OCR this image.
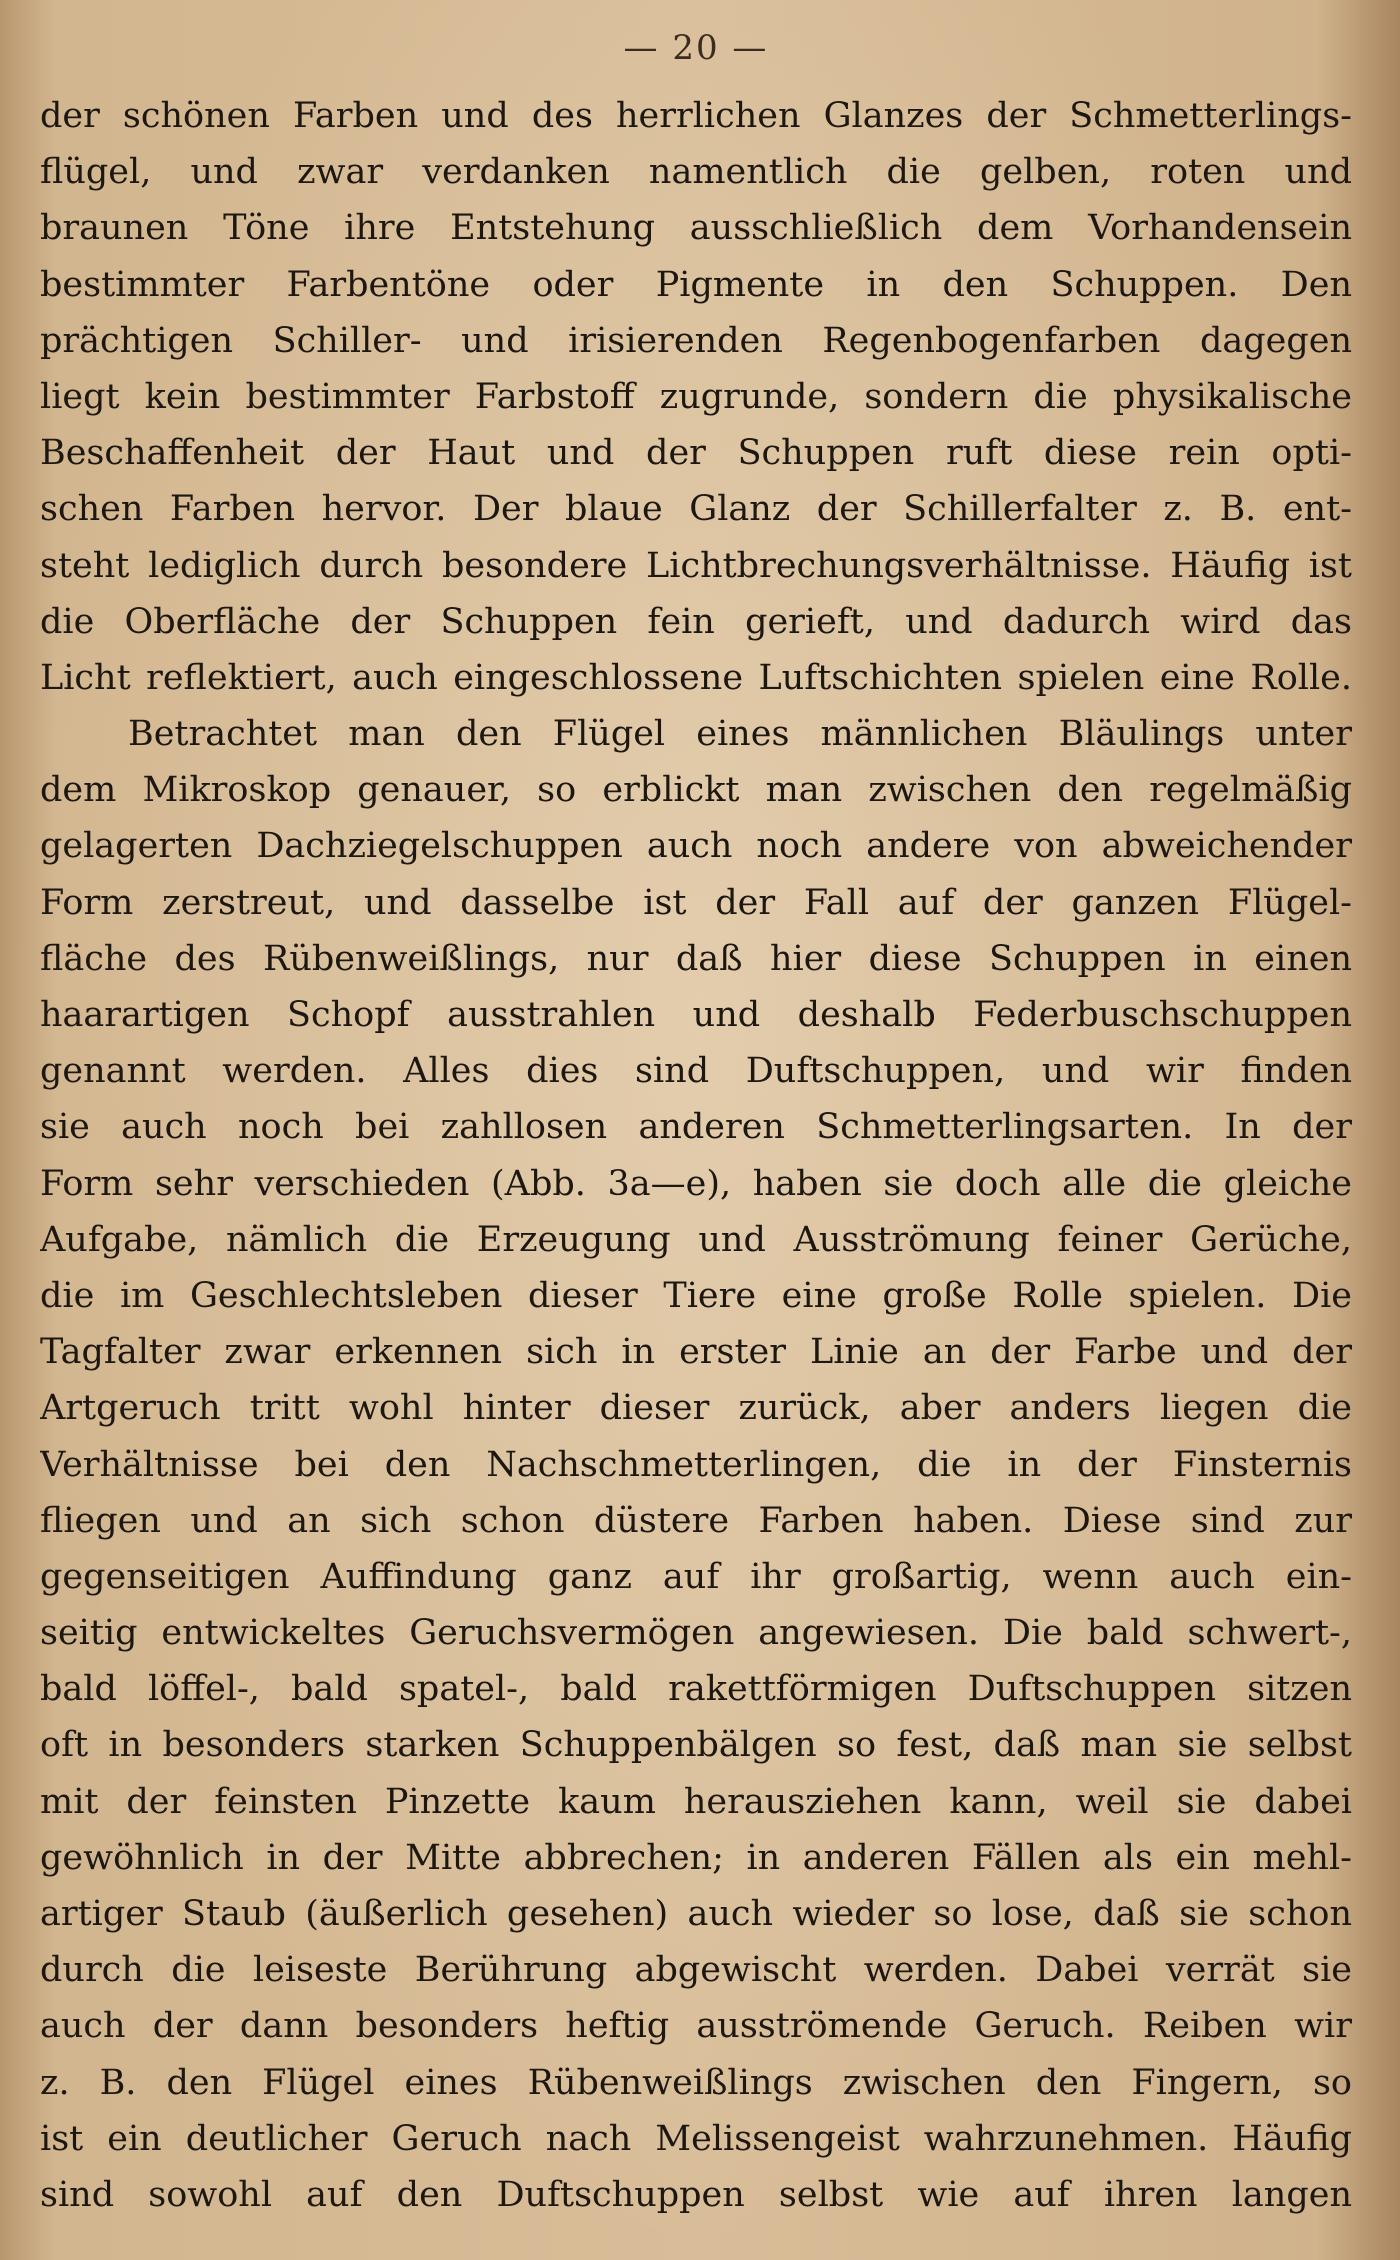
— 20 —
der schönen Farben und des herrlichen Glanzes der Schmetterlings-
flügel, und zwar verdanken namentlich die gelben, roten und
braunen Töne ihre Entstehung ausschließlich dem Vorhandensein
bestimmter Farbentöne oder Pigmente in den Schuppen. Den
prächtigen Schiller- und irisierenden Regenbogenfarben dagegen
liegt kein bestimmter Farbstoff zugrunde, sondern die physikalische
Beschaffenheit der Haut und der Schuppen ruft diese rein opti-
schen Farben hervor. Der blaue Glanz der Schillerfalter z. B. ent-
steht lediglich durch besondere Lichtbrechungsverhältnisse. Häufig ist
die Oberfläche der Schuppen fein gerieft, und dadurch wird das
Licht reflektiert, auch eingeschlossene Luftschichten spielen eine Rolle.
Betrachtet man den Flügel eines männlichen Bläulings unter
dem Mikroskop genauer, so erblickt man zwischen den regelmäßig
gelagerten Dachziegelschuppen auch noch andere von abweichender
Form zerstreut, und dasselbe ist der Fall auf der ganzen Flügel-
fläche des Rübenweißlings, nur daß hier diese Schuppen in einen
haarartigen Schopf ausstrahlen und deshalb Federbuschschuppen
genannt werden. Alles dies sind Duftschuppen, und wir finden
sie auch noch bei zahllosen anderen Schmetterlingsarten. In der
Form sehr verschieden (Abb. 3a—e), haben sie doch alle die gleiche
Aufgabe, nämlich die Erzeugung und Ausströmung feiner Gerüche,
die im Geschlechtsleben dieser Tiere eine große Rolle spielen. Die
Tagfalter zwar erkennen sich in erster Linie an der Farbe und der
Artgeruch tritt wohl hinter dieser zurück, aber anders liegen die
Verhältnisse bei den Nachschmetterlingen, die in der Finsternis
fliegen und an sich schon düstere Farben haben. Diese sind zur
gegenseitigen Auffindung ganz auf ihr großartig, wenn auch ein-
seitig entwickeltes Geruchsvermögen angewiesen. Die bald schwert-,
bald löffel-, bald spatel-, bald rakettförmigen Duftschuppen sitzen
oft in besonders starken Schuppenbälgen so fest, daß man sie selbst
mit der feinsten Pinzette kaum herausziehen kann, weil sie dabei
gewöhnlich in der Mitte abbrechen; in anderen Fällen als ein mehl-
artiger Staub (äußerlich gesehen) auch wieder so lose, daß sie schon
durch die leiseste Berührung abgewischt werden. Dabei verrät sie
auch der dann besonders heftig ausströmende Geruch. Reiben wir
z. B. den Flügel eines Rübenweißlings zwischen den Fingern, so
ist ein deutlicher Geruch nach Melissengeist wahrzunehmen. Häufig
sind sowohl auf den Duftschuppen selbst wie auf ihren langen
